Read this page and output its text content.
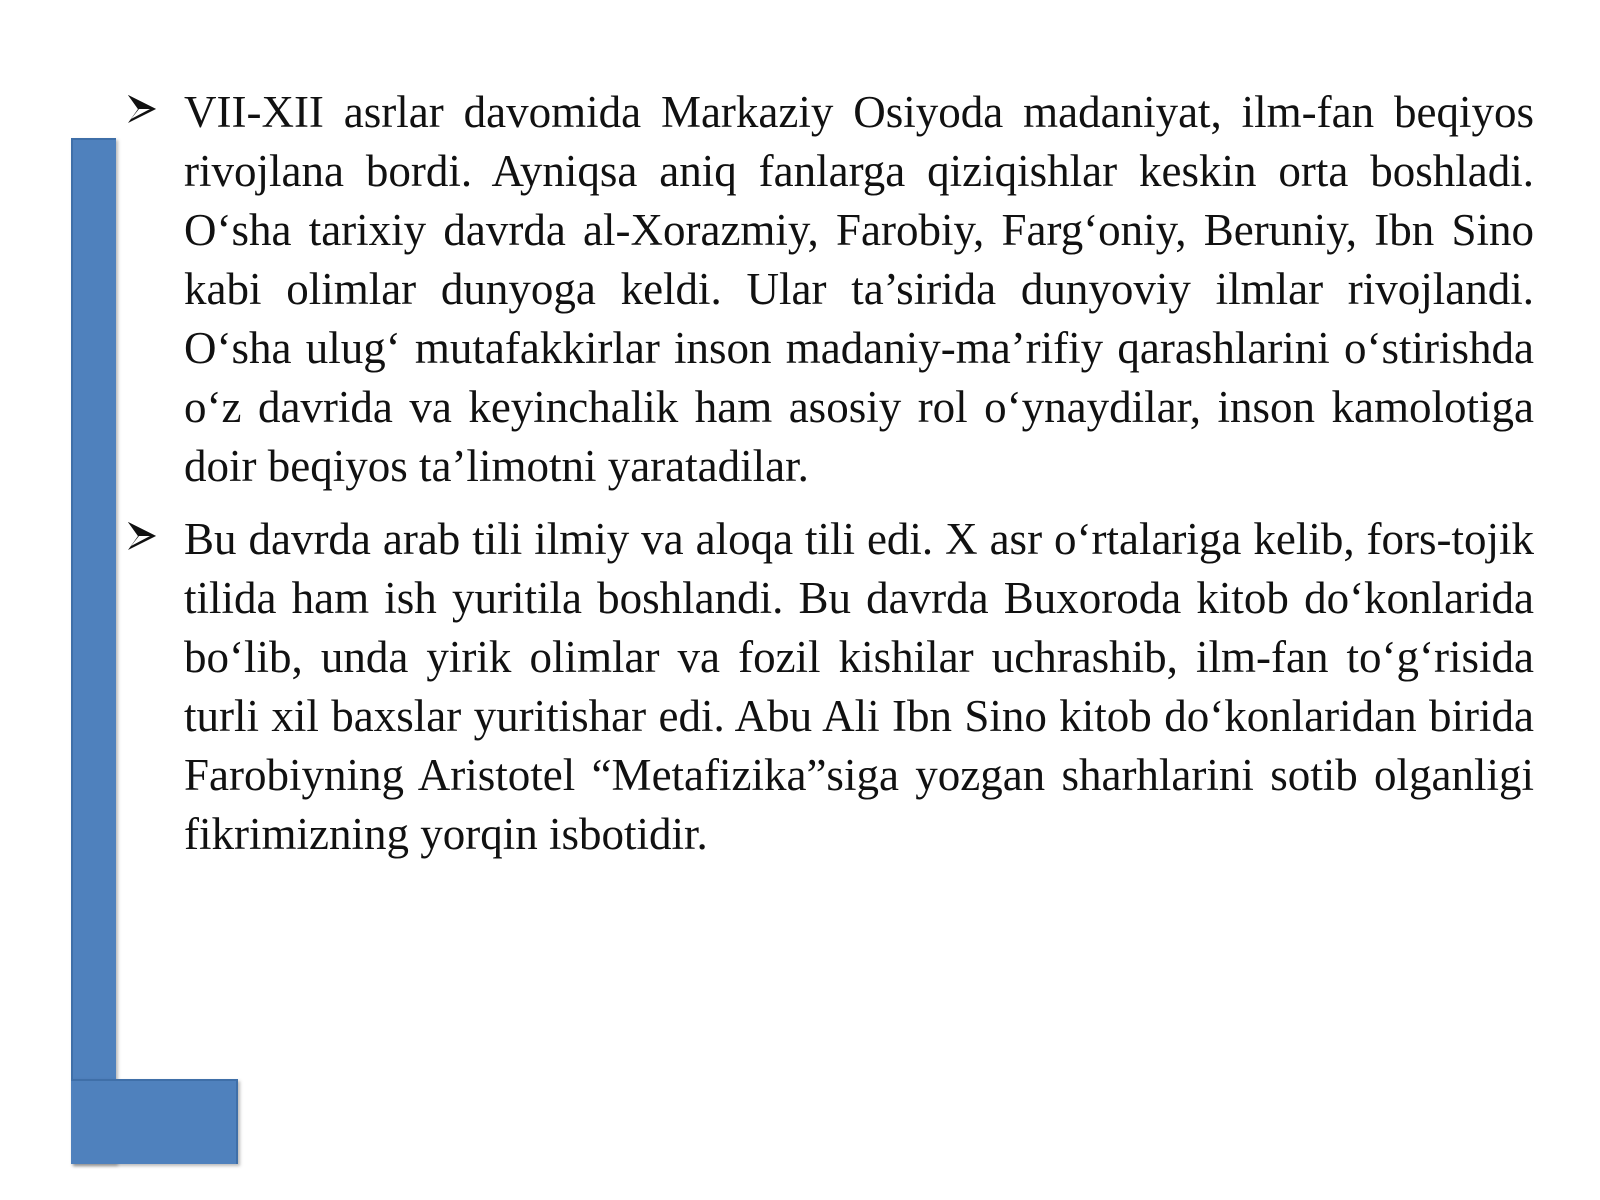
VII-XII asrlar davomida Markaziy Osiyoda madaniyat, ilm-fan beqiyos rivojlana bordi. Ayniqsa aniq fanlarga qiziqishlar keskin orta boshladi. O‘sha tarixiy davrda al-Xorazmiy, Farobiy, Farg‘oniy, Beruniy, Ibn Sino kabi olimlar dunyoga keldi. Ular ta’sirida dunyoviy ilmlar rivojlandi. O‘sha ulug‘ mutafakkirlar inson madaniy-ma’rifiy qarashlarini o‘stirishda o‘z davrida va keyinchalik ham asosiy rol o‘ynaydilar, inson kamolotiga doir beqiyos ta’limotni yaratadilar.

Bu davrda arab tili ilmiy va aloqa tili edi. X asr o‘rtalariga kelib, fors-tojik tilida ham ish yuritila boshlandi. Bu davrda Buxoroda kitob do‘konlarida bo‘lib, unda yirik olimlar va fozil kishilar uchrashib, ilm-fan to‘g‘risida turli xil baxslar yuritishar edi. Abu Ali Ibn Sino kitob do‘konlaridan birida Farobiyning Aristotel “Metafizika”siga yozgan sharhlarini sotib olganligi fikrimizning yorqin isbotidir.
